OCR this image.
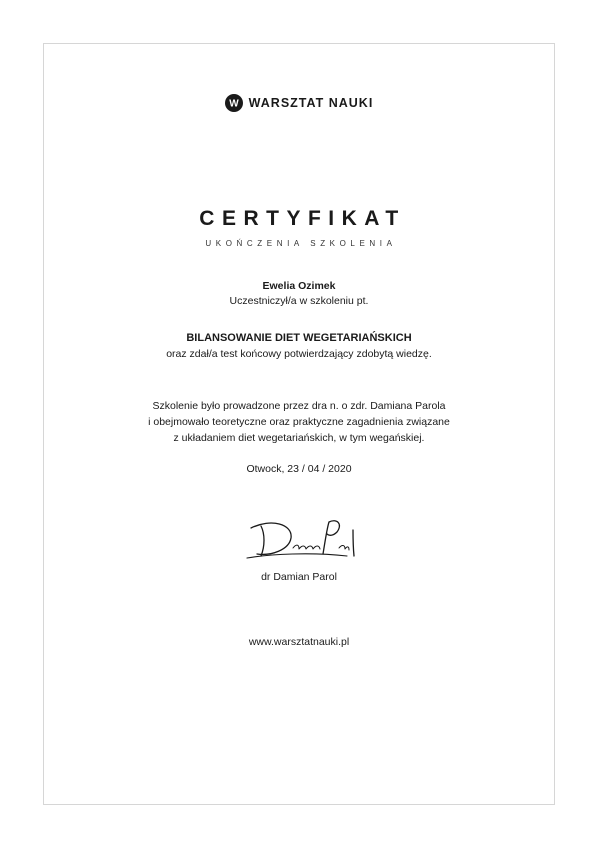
W WARSZTAT NAUKI
CERTYFIKAT
UKOŃCZENIA SZKOLENIA
Ewelia Ozimek
Uczestniczył/a w szkoleniu pt.
BILANSOWANIE DIET WEGETARIAŃSKICH
oraz zdał/a test końcowy potwierdzający zdobytą wiedzę.
Szkolenie było prowadzone przez dra n. o zdr. Damiana Parola
i obejmowało teoretyczne oraz praktyczne zagadnienia związane
z układaniem diet wegetariańskich, w tym wegańskiej.
Otwock, 23 / 04 / 2020
dr Damian Parol
www.warsztatnauki.pl
